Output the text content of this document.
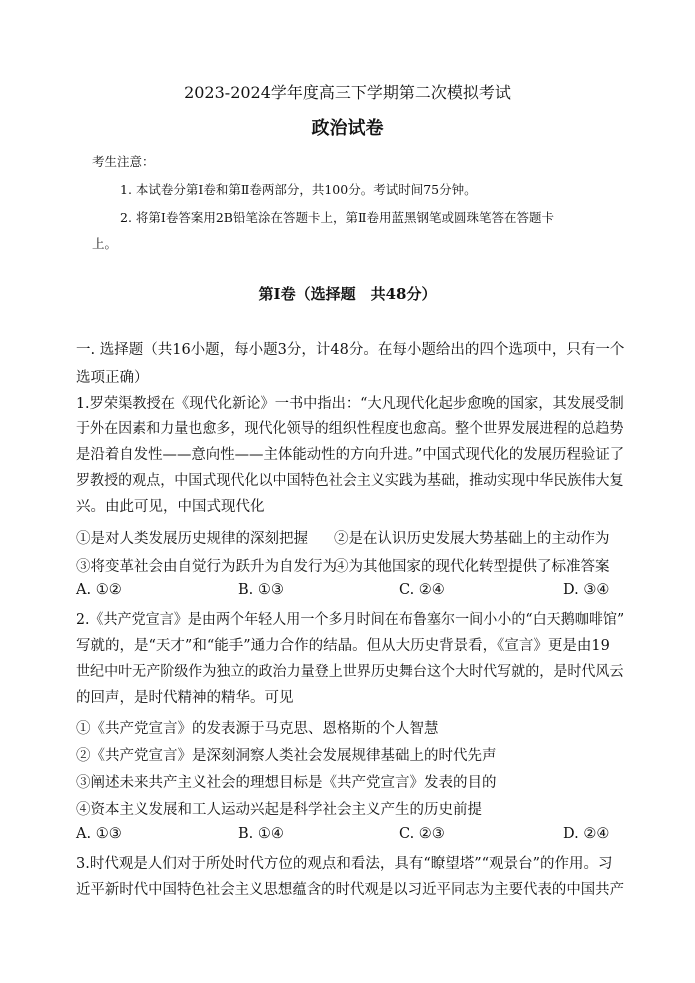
2023-2024学年度高三下学期第二次模拟考试
政治试卷
考生注意：
1. 本试卷分第Ⅰ卷和第Ⅱ卷两部分，共100分。考试时间75分钟。
2. 将第Ⅰ卷答案用2B铅笔涂在答题卡上，第Ⅱ卷用蓝黑钢笔或圆珠笔答在答题卡
上。
第Ⅰ卷（选择题　共48分）
一. 选择题（共16小题，每小题3分，计48分。在每小题给出的四个选项中，只有一个
选项正确）
1.罗荣渠教授在《现代化新论》一书中指出：“大凡现代化起步愈晚的国家，其发展受制
于外在因素和力量也愈多，现代化领导的组织性程度也愈高。整个世界发展进程的总趋势
是沿着自发性——意向性——主体能动性的方向升进。”中国式现代化的发展历程验证了
罗教授的观点，中国式现代化以中国特色社会主义实践为基础，推动实现中华民族伟大复
兴。由此可见，中国式现代化
①是对人类发展历史规律的深刻把握 ②是在认识历史发展大势基础上的主动作为
③将变革社会由自觉行为跃升为自发行为
④为其他国家的现代化转型提供了标准答案
A. ①②	B. ①③	C. ②④	D. ③④
2.《共产党宣言》是由两个年轻人用一个多月时间在布鲁塞尔一间小小的“白天鹅咖啡馆”
写就的，是“天才”和“能手”通力合作的结晶。但从大历史背景看，《宣言》更是由19
世纪中叶无产阶级作为独立的政治力量登上世界历史舞台这个大时代写就的，是时代风云
的回声，是时代精神的精华。可见
①《共产党宣言》的发表源于马克思、恩格斯的个人智慧
②《共产党宣言》是深刻洞察人类社会发展规律基础上的时代先声
③阐述未来共产主义社会的理想目标是《共产党宣言》发表的目的
④资本主义发展和工人运动兴起是科学社会主义产生的历史前提
A. ①③	B. ①④	C. ②③	D. ②④
3.时代观是人们对于所处时代方位的观点和看法，具有“瞭望塔”“观景台”的作用。习
近平新时代中国特色社会主义思想蕴含的时代观是以习近平同志为主要代表的中国共产
